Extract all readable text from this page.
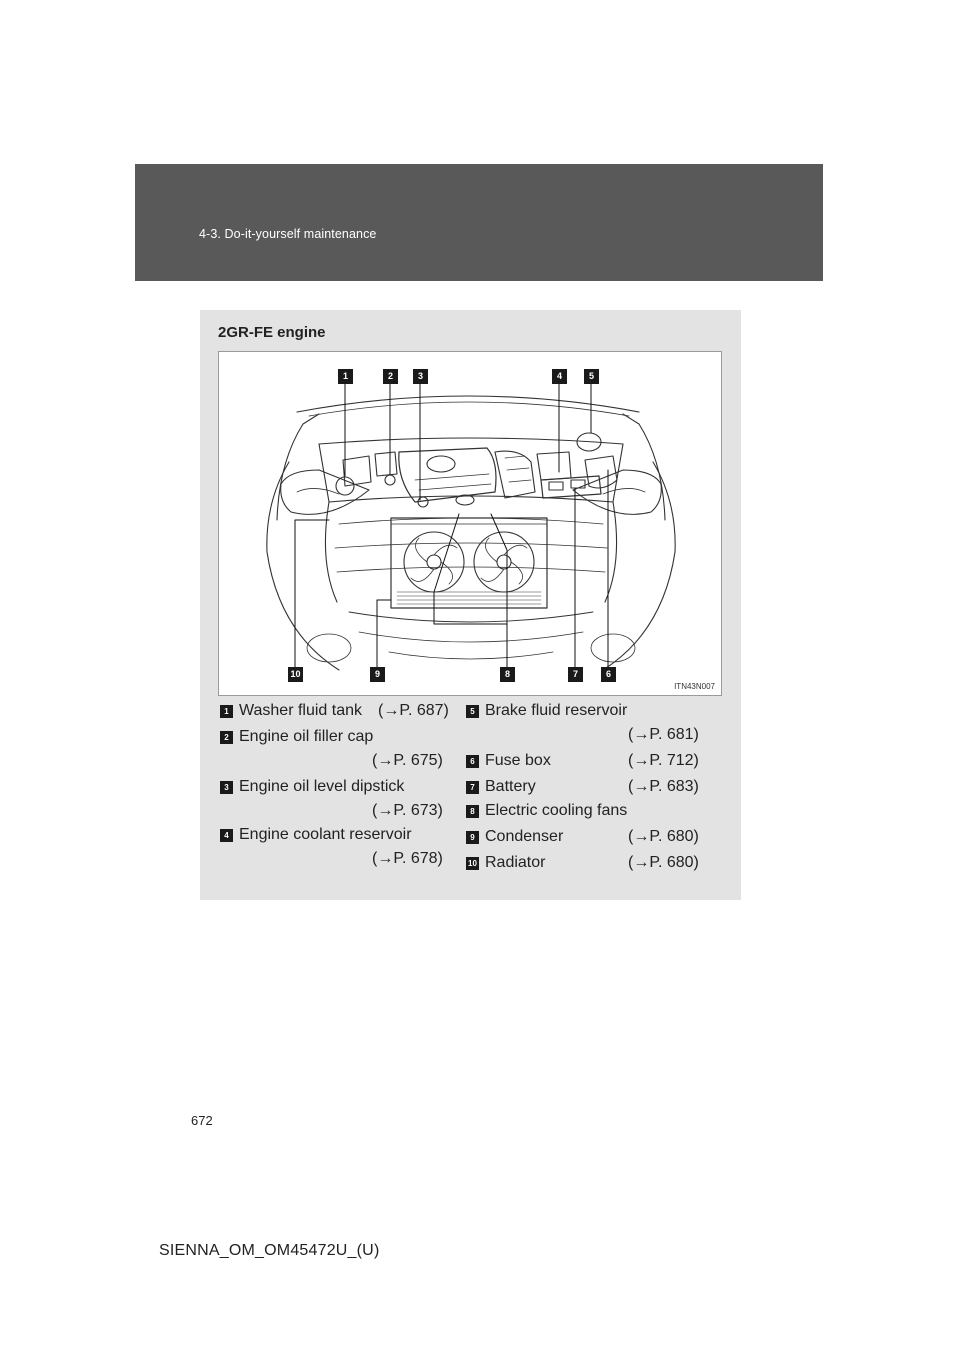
4-3. Do-it-yourself maintenance
2GR-FE engine
1	2	3	4	5
10	9	8	7	6
ITN43N007
1 Washer fluid tank (→P. 687)
2 Engine oil filler cap
(→P. 675)
3 Engine oil level dipstick
(→P. 673)
4 Engine coolant reservoir
(→P. 678)
5 Brake fluid reservoir
(→P. 681)
6 Fuse box	(→P. 712)
7 Battery	(→P. 683)
8 Electric cooling fans
9 Condenser	(→P. 680)
10 Radiator	(→P. 680)
672
SIENNA_OM_OM45472U_(U)
